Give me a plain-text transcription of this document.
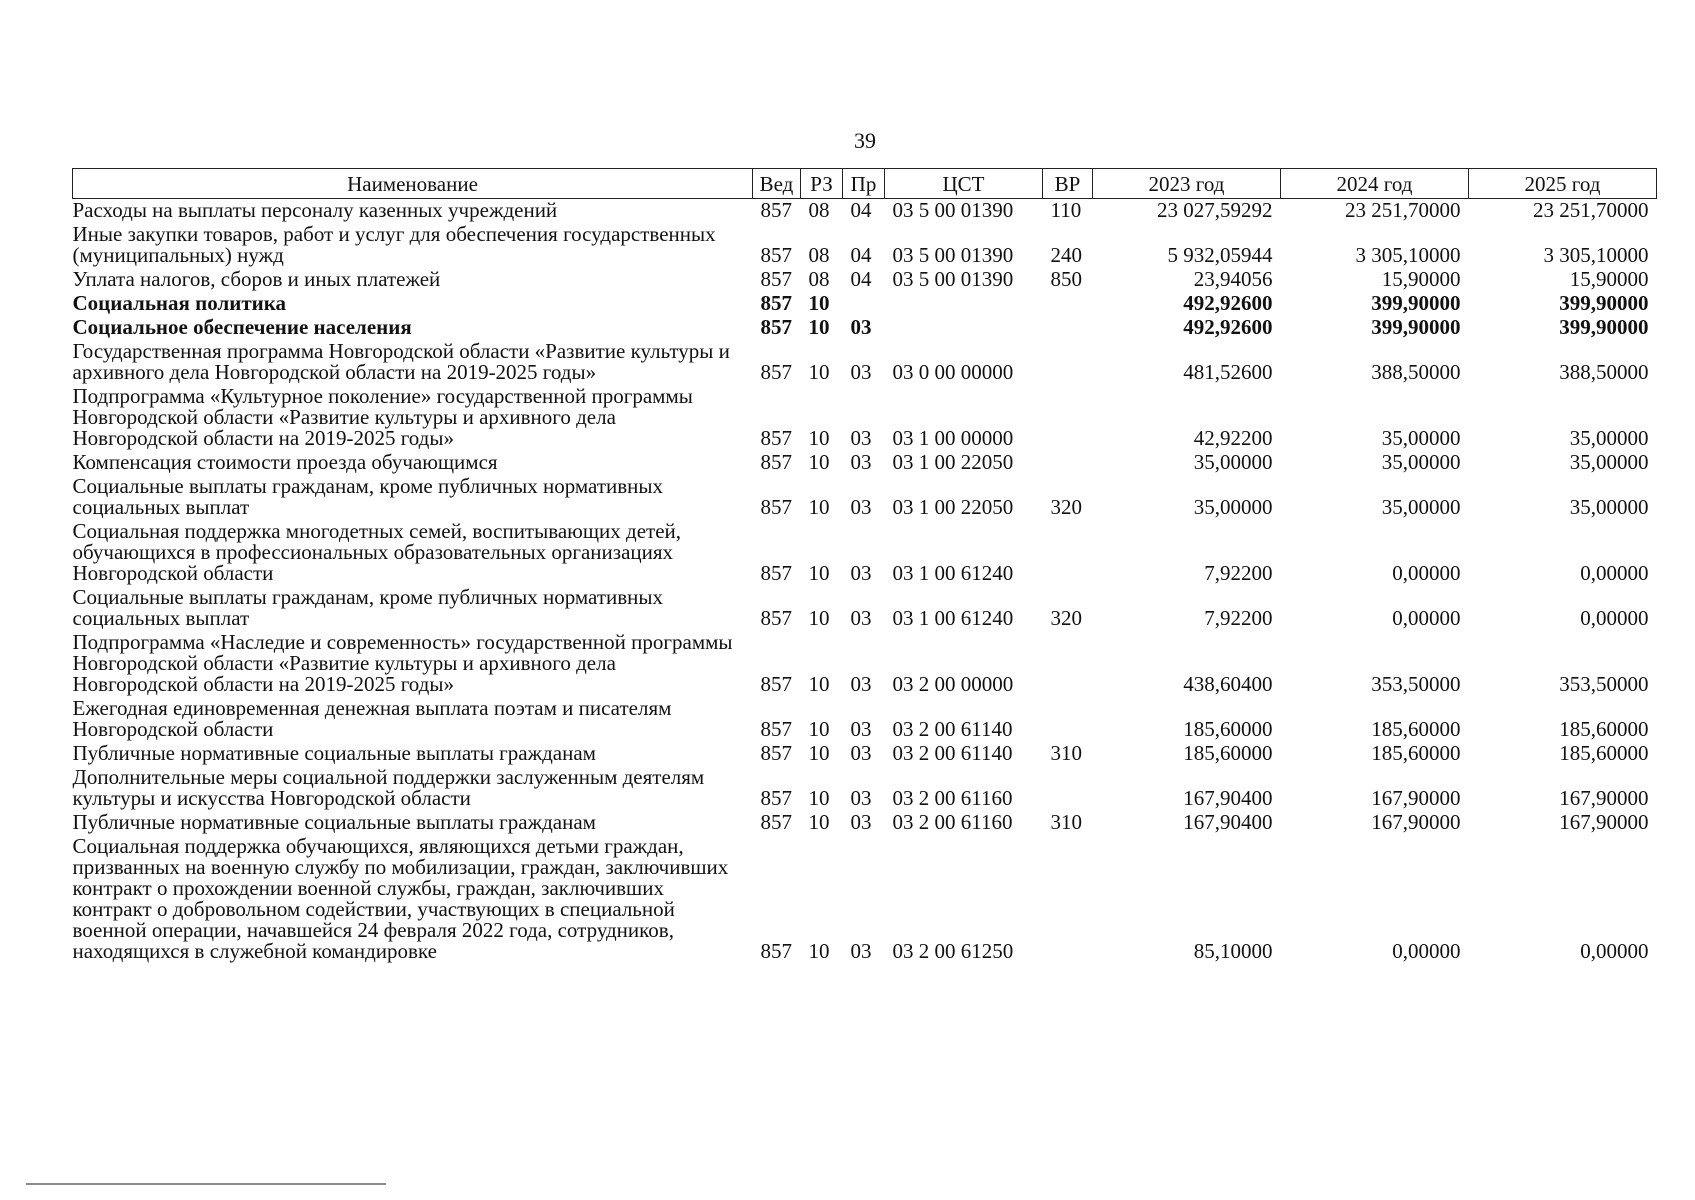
39
Наименование	Вед	РЗ	Пр	ЦСТ	ВР	2023 год	2024 год	2025 год
Расходы на выплаты персоналу казенных учреждений	857	08	04	03 5 00 01390	110	23 027,59292	23 251,70000	23 251,70000
Иные закупки товаров, работ и услуг для обеспечения государственных (муниципальных) нужд	857	08	04	03 5 00 01390	240	5 932,05944	3 305,10000	3 305,10000
Уплата налогов, сборов и иных платежей	857	08	04	03 5 00 01390	850	23,94056	15,90000	15,90000
Социальная политика	857	10				492,92600	399,90000	399,90000
Социальное обеспечение населения	857	10	03			492,92600	399,90000	399,90000
Государственная программа Новгородской области «Развитие культуры и архивного дела Новгородской области на 2019-2025 годы»	857	10	03	03 0 00 00000		481,52600	388,50000	388,50000
Подпрограмма «Культурное поколение» государственной программы Новгородской области «Развитие культуры и архивного дела Новгородской области на 2019-2025 годы»	857	10	03	03 1 00 00000		42,92200	35,00000	35,00000
Компенсация стоимости проезда обучающимся	857	10	03	03 1 00 22050		35,00000	35,00000	35,00000
Социальные выплаты гражданам, кроме публичных нормативных социальных выплат	857	10	03	03 1 00 22050	320	35,00000	35,00000	35,00000
Социальная поддержка многодетных семей, воспитывающих детей, обучающихся в профессиональных образовательных организациях Новгородской области	857	10	03	03 1 00 61240		7,92200	0,00000	0,00000
Социальные выплаты гражданам, кроме публичных нормативных социальных выплат	857	10	03	03 1 00 61240	320	7,92200	0,00000	0,00000
Подпрограмма «Наследие и современность» государственной программы Новгородской области «Развитие культуры и архивного дела Новгородской области на 2019-2025 годы»	857	10	03	03 2 00 00000		438,60400	353,50000	353,50000
Ежегодная единовременная денежная выплата поэтам и писателям Новгородской области	857	10	03	03 2 00 61140		185,60000	185,60000	185,60000
Публичные нормативные социальные выплаты гражданам	857	10	03	03 2 00 61140	310	185,60000	185,60000	185,60000
Дополнительные меры социальной поддержки заслуженным деятелям культуры и искусства Новгородской области	857	10	03	03 2 00 61160		167,90400	167,90000	167,90000
Публичные нормативные социальные выплаты гражданам	857	10	03	03 2 00 61160	310	167,90400	167,90000	167,90000
Социальная поддержка обучающихся, являющихся детьми граждан, призванных на военную службу по мобилизации, граждан, заключивших контракт о прохождении военной службы, граждан, заключивших контракт о добровольном содействии, участвующих в специальной военной операции, начавшейся 24 февраля 2022 года, сотрудников, находящихся в служебной командировке	857	10	03	03 2 00 61250		85,10000	0,00000	0,00000
